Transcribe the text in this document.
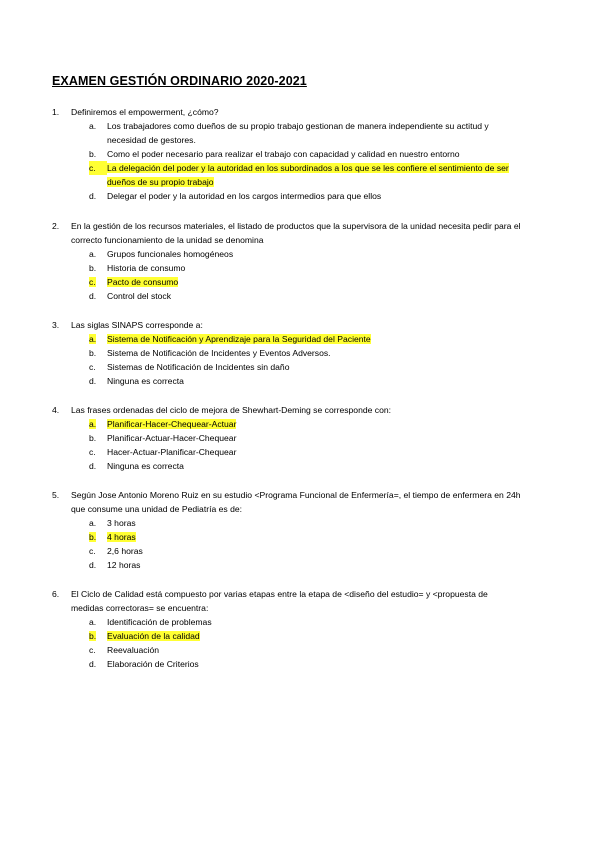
EXAMEN GESTIÓN ORDINARIO 2020-2021
1.	Definiremos el empowerment, ¿cómo?
a.	Los trabajadores como dueños de su propio trabajo gestionan de manera independiente su actitud y necesidad de gestores.
b.	Como el poder necesario para realizar el trabajo con capacidad y calidad en nuestro entorno
c.	La delegación del poder y la autoridad en los subordinados a los que se les confiere el sentimiento de ser dueños de su propio trabajo
d.	Delegar el poder y la autoridad en los cargos intermedios para que ellos
2.	En la gestión de los recursos materiales, el listado de productos que la supervisora de la unidad necesita pedir para el correcto funcionamiento de la unidad se denomina
a.	Grupos funcionales homogéneos
b.	Historia de consumo
c.	Pacto de consumo
d.	Control del stock
3.	Las siglas SINAPS corresponde a:
a.	Sistema de Notificación y Aprendizaje para la Seguridad del Paciente
b.	Sistema de Notificación de Incidentes y Eventos Adversos.
c.	Sistemas de Notificación de Incidentes sin daño
d.	Ninguna es correcta
4.	Las frases ordenadas del ciclo de mejora de Shewhart-Deming se corresponde con:
a.	Planificar-Hacer-Chequear-Actuar
b.	Planificar-Actuar-Hacer-Chequear
c.	Hacer-Actuar-Planificar-Chequear
d.	Ninguna es correcta
5.	Según Jose Antonio Moreno Ruiz en su estudio <Programa Funcional de Enfermería=, el tiempo de enfermera en 24h que consume una unidad de Pediatría es de:
a.	3 horas
b.	4 horas
c.	2,6 horas
d.	12 horas
6.	El Ciclo de Calidad está compuesto por varias etapas entre la etapa de <diseño del estudio= y <propuesta de medidas correctoras= se encuentra:
a.	Identificación de problemas
b.	Evaluación de la calidad
c.	Reevaluación
d.	Elaboración de Criterios
